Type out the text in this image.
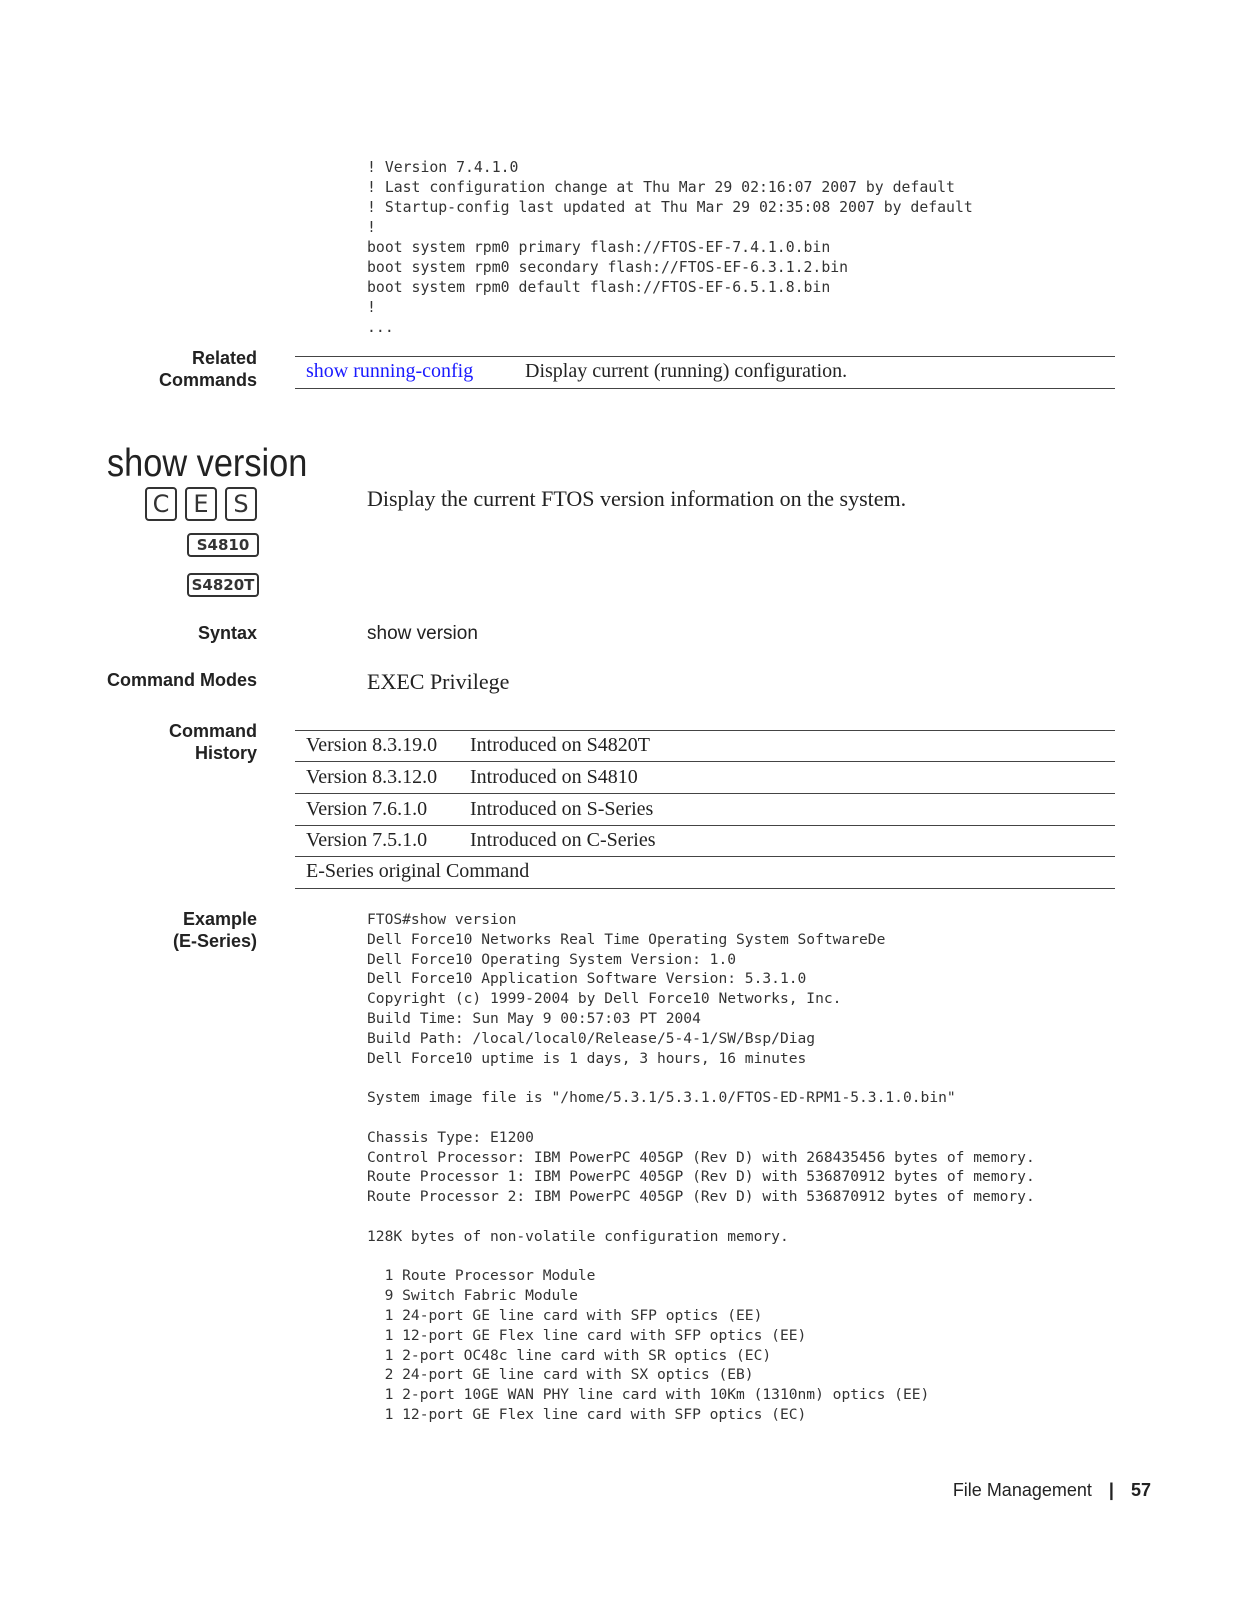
! Version 7.4.1.0
! Last configuration change at Thu Mar 29 02:16:07 2007 by default
! Startup-config last updated at Thu Mar 29 02:35:08 2007 by default
!
boot system rpm0 primary flash://FTOS-EF-7.4.1.0.bin
boot system rpm0 secondary flash://FTOS-EF-6.3.1.2.bin
boot system rpm0 default flash://FTOS-EF-6.5.1.8.bin
!
...
Related
Commands show running-config	Display current (running) configuration.
show version
C	E	S
S4810
S4820T
Display the current FTOS version information on the system.
Syntax	show version
Command Modes	EXEC Privilege
Command
History Version 8.3.19.0 Introduced on S4820T
Version 8.3.12.0 Introduced on S4810
Version 7.6.1.0 Introduced on S-Series
Version 7.5.1.0 Introduced on C-Series
E-Series original Command
Example
(E-Series)
FTOS#show version
Dell Force10 Networks Real Time Operating System SoftwareDe
Dell Force10 Operating System Version: 1.0
Dell Force10 Application Software Version: 5.3.1.0
Copyright (c) 1999-2004 by Dell Force10 Networks, Inc.
Build Time: Sun May 9 00:57:03 PT 2004
Build Path: /local/local0/Release/5-4-1/SW/Bsp/Diag
Dell Force10 uptime is 1 days, 3 hours, 16 minutes

System image file is "/home/5.3.1/5.3.1.0/FTOS-ED-RPM1-5.3.1.0.bin"

Chassis Type: E1200
Control Processor: IBM PowerPC 405GP (Rev D) with 268435456 bytes of memory.
Route Processor 1: IBM PowerPC 405GP (Rev D) with 536870912 bytes of memory.
Route Processor 2: IBM PowerPC 405GP (Rev D) with 536870912 bytes of memory.

128K bytes of non-volatile configuration memory.

1 Route Processor Module
9 Switch Fabric Module
1 24-port GE line card with SFP optics (EE)
1 12-port GE Flex line card with SFP optics (EE)
1 2-port OC48c line card with SR optics (EC)
2 24-port GE line card with SX optics (EB)
1 2-port 10GE WAN PHY line card with 10Km (1310nm) optics (EE)
1 12-port GE Flex line card with SFP optics (EC)
File Management | 57
